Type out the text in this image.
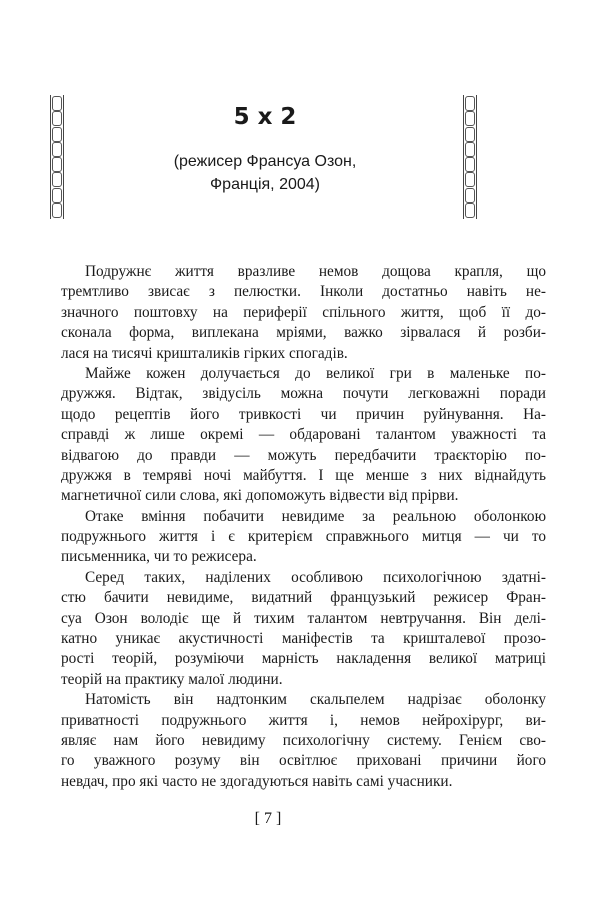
5 x 2
(режисер Франсуа Озон,
Франція, 2004)
Подружнє життя вразливе немов дощова крапля, що
тремтливо звисає з пелюстки. Інколи достатньо навіть не-
значного поштовху на периферії спільного життя, щоб її до-
сконала форма, виплекана мріями, важко зірвалася й розби-
лася на тисячі кришталиків гірких спогадів.
Майже кожен долучається до великої гри в маленьке по-
дружжя. Відтак, звідусіль можна почути легковажні поради
щодо рецептів його тривкості чи причин руйнування. На-
справді ж лише окремі — обдаровані талантом уважності та
відвагою до правди — можуть передбачити траєкторію по-
дружжя в темряві ночі майбуття. І ще менше з них віднайдуть
магнетичної сили слова, які допоможуть відвести від прірви.
Отаке вміння побачити невидиме за реальною оболонкою
подружнього життя і є критерієм справжнього митця — чи то
письменника, чи то режисера.
Серед таких, наділених особливою психологічною здатні-
стю бачити невидиме, видатний французький режисер Фран-
суа Озон володіє ще й тихим талантом невтручання. Він делі-
катно уникає акустичності маніфестів та кришталевої прозо-
рості теорій, розуміючи марність накладення великої матриці
теорій на практику малої людини.
Натомість він надтонким скальпелем надрізає оболонку
приватності подружнього життя і, немов нейрохірург, ви-
являє нам його невидиму психологічну систему. Генієм сво-
го уважного розуму він освітлює приховані причини його
невдач, про які часто не здогадуються навіть самі учасники.
[ 7 ]
